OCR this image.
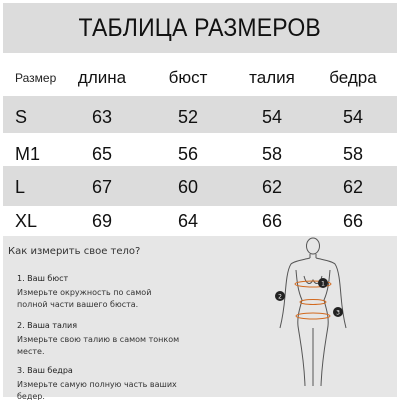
ТАБЛИЦА РАЗМЕРОВ
Размер	длина	бюст	талия	бедра
S	63	52	54	54
M1	65	56	58	58
L	67	60	62	62
XL	69	64	66	66
Как измерить свое тело?
1. Ваш бюст
Измерьте окружность по самой полной части вашего бюста.
2. Ваша талия
Измерьте свою талию в самом тонком месте.
3. Ваш бедра
Измерьте самую полную часть ваших бедер.
1
2
3
